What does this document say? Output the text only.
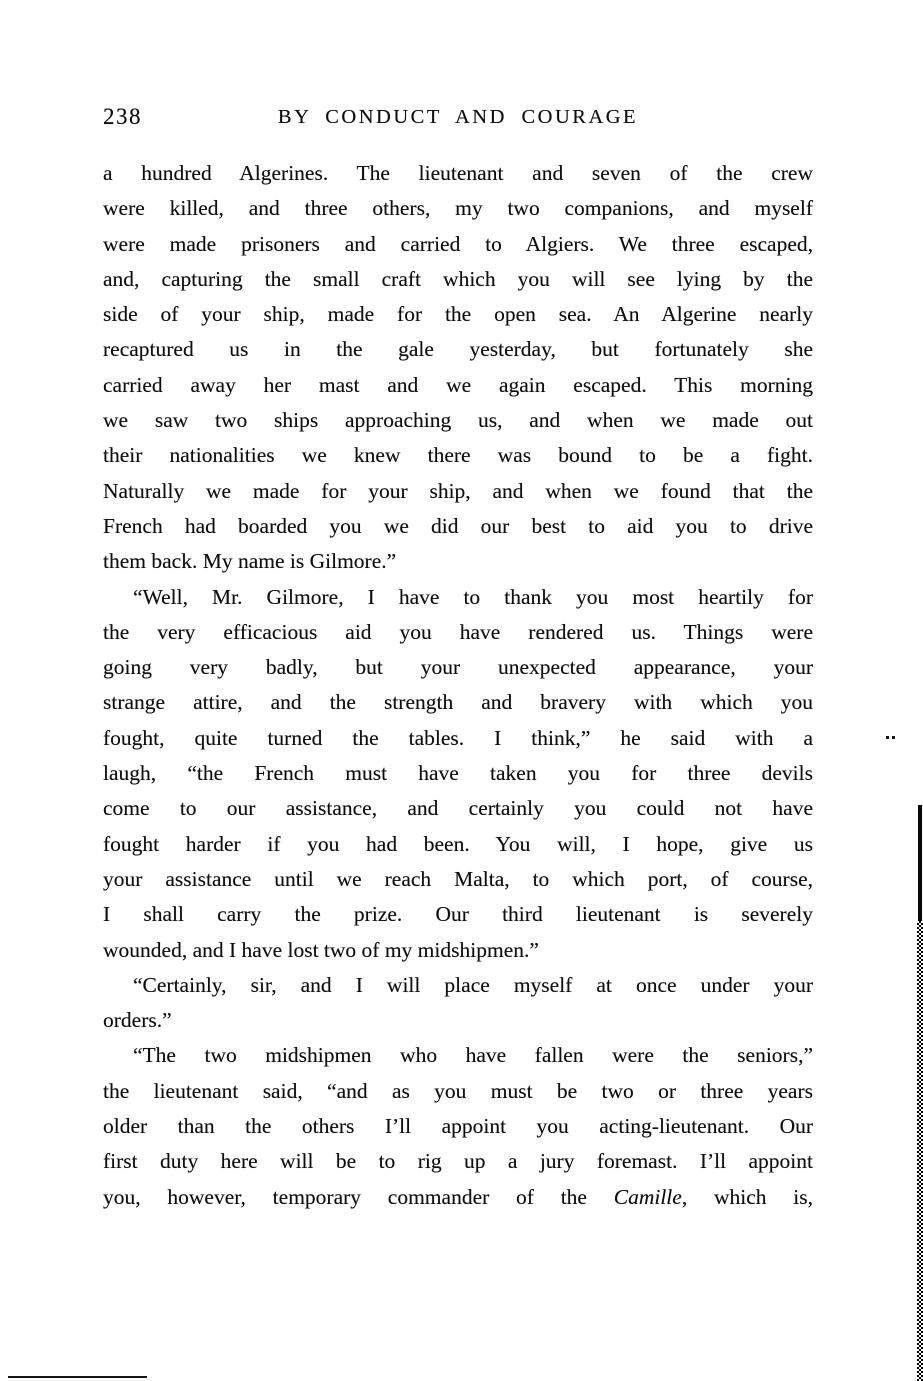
238	BY CONDUCT AND COURAGE
a hundred Algerines. The lieutenant and seven of the crew
were killed, and three others, my two companions, and myself
were made prisoners and carried to Algiers. We three escaped,
and, capturing the small craft which you will see lying by the
side of your ship, made for the open sea. An Algerine nearly
recaptured us in the gale yesterday, but fortunately she
carried away her mast and we again escaped. This morning
we saw two ships approaching us, and when we made out
their nationalities we knew there was bound to be a fight.
Naturally we made for your ship, and when we found that the
French had boarded you we did our best to aid you to drive
them back. My name is Gilmore.”
“Well, Mr. Gilmore, I have to thank you most heartily for
the very efficacious aid you have rendered us. Things were
going very badly, but your unexpected appearance, your
strange attire, and the strength and bravery with which you
fought, quite turned the tables. I think,” he said with a
laugh, “the French must have taken you for three devils
come to our assistance, and certainly you could not have
fought harder if you had been. You will, I hope, give us
your assistance until we reach Malta, to which port, of course,
I shall carry the prize. Our third lieutenant is severely
wounded, and I have lost two of my midshipmen.”
“Certainly, sir, and I will place myself at once under your
orders.”
“The two midshipmen who have fallen were the seniors,”
the lieutenant said, “and as you must be two or three years
older than the others I’ll appoint you acting-lieutenant. Our
first duty here will be to rig up a jury foremast. I’ll appoint
you, however, temporary commander of the Camille, which is,
